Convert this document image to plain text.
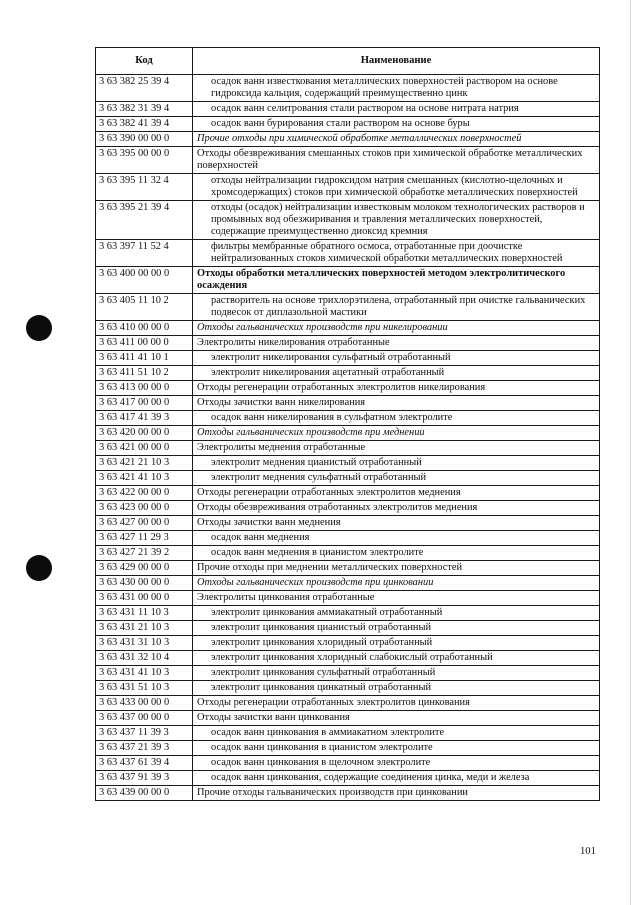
Код	Наименование
3 63 382 25 39 4	осадок ванн известкования металлических поверхностей раствором на основе гидроксида кальция, содержащий преимущественно цинк
3 63 382 31 39 4	осадок ванн селитрования стали раствором на основе нитрата натрия
3 63 382 41 39 4	осадок ванн бурирования стали раствором на основе буры
3 63 390 00 00 0	Прочие отходы при химической обработке металлических поверхностей
3 63 395 00 00 0	Отходы обезвреживания смешанных стоков при химической обработке металлических поверхностей
3 63 395 11 32 4	отходы нейтрализации гидроксидом натрия смешанных (кислотно-щелочных и хромсодержащих) стоков при химической обработке металлических поверхностей
3 63 395 21 39 4	отходы (осадок) нейтрализации известковым молоком технологических растворов и промывных вод обезжиривания и травления металлических поверхностей, содержащие преимущественно диоксид кремния
3 63 397 11 52 4	фильтры мембранные обратного осмоса, отработанные при доочистке нейтрализованных стоков химической обработки металлических поверхностей
3 63 400 00 00 0	Отходы обработки металлических поверхностей методом электролитического осаждения
3 63 405 11 10 2	растворитель на основе трихлорэтилена, отработанный при очистке гальванических подвесок от диплазольной мастики
3 63 410 00 00 0	Отходы гальванических производств при никелировании
3 63 411 00 00 0	Электролиты никелирования отработанные
3 63 411 41 10 1	электролит никелирования сульфатный отработанный
3 63 411 51 10 2	электролит никелирования ацетатный отработанный
3 63 413 00 00 0	Отходы регенерации отработанных электролитов никелирования
3 63 417 00 00 0	Отходы зачистки ванн никелирования
3 63 417 41 39 3	осадок ванн никелирования в сульфатном электролите
3 63 420 00 00 0	Отходы гальванических производств при меднении
3 63 421 00 00 0	Электролиты меднения отработанные
3 63 421 21 10 3	электролит меднения цианистый отработанный
3 63 421 41 10 3	электролит меднения сульфатный отработанный
3 63 422 00 00 0	Отходы регенерации отработанных электролитов меднения
3 63 423 00 00 0	Отходы обезвреживания отработанных электролитов меднения
3 63 427 00 00 0	Отходы зачистки ванн меднения
3 63 427 11 29 3	осадок ванн меднения
3 63 427 21 39 2	осадок ванн меднения в цианистом электролите
3 63 429 00 00 0	Прочие отходы при меднении металлических поверхностей
3 63 430 00 00 0	Отходы гальванических производств при цинковании
3 63 431 00 00 0	Электролиты цинкования отработанные
3 63 431 11 10 3	электролит цинкования аммиакатный отработанный
3 63 431 21 10 3	электролит цинкования цианистый отработанный
3 63 431 31 10 3	электролит цинкования хлоридный отработанный
3 63 431 32 10 4	электролит цинкования хлоридный слабокислый отработанный
3 63 431 41 10 3	электролит цинкования сульфатный отработанный
3 63 431 51 10 3	электролит цинкования цинкатный отработанный
3 63 433 00 00 0	Отходы регенерации отработанных электролитов цинкования
3 63 437 00 00 0	Отходы зачистки ванн цинкования
3 63 437 11 39 3	осадок ванн цинкования в аммиакатном электролите
3 63 437 21 39 3	осадок ванн цинкования в цианистом электролите
3 63 437 61 39 4	осадок ванн цинкования в щелочном электролите
3 63 437 91 39 3	осадок ванн цинкования, содержащие соединения цинка, меди и железа
3 63 439 00 00 0	Прочие отходы гальванических производств при цинковании
101
